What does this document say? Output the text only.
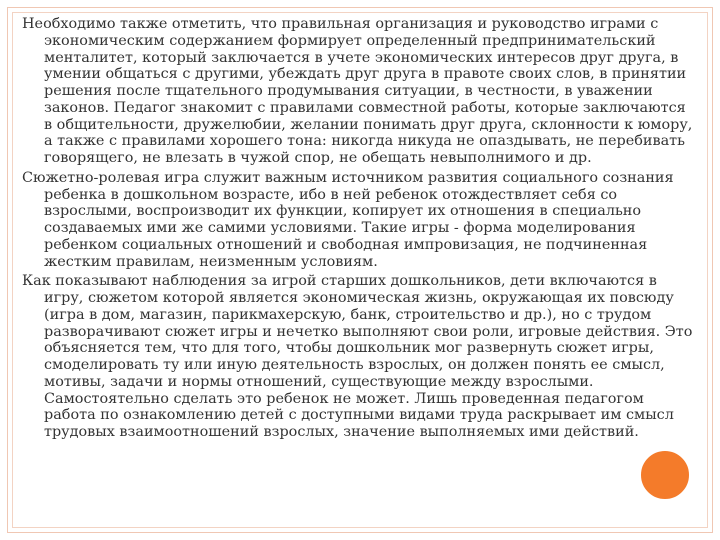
Необходимо также отметить, что правильная организация и руководство играми с экономическим содержанием формирует определенный предпринимательский менталитет, который заключается в учете экономических интересов друг друга, в умении общаться с другими, убеждать друг друга в правоте своих слов, в принятии решения после тщательного продумывания ситуации, в честности, в уважении законов. Педагог знакомит с правилами совместной работы, которые заключаются в общительности, дружелюбии, желании понимать друг друга, склонности к юмору, а также с правилами хорошего тона: никогда никуда не опаздывать, не перебивать говорящего, не влезать в чужой спор, не обещать невыполнимого и др.

Сюжетно-ролевая игра служит важным источником развития социального сознания ребенка в дошкольном возрасте, ибо в ней ребенок отождествляет себя со взрослыми, воспроизводит их функции, копирует их отношения в специально создаваемых ими же самими условиями. Такие игры - форма моделирования ребенком социальных отношений и свободная импровизация, не подчиненная жестким правилам, неизменным условиям.

Как показывают наблюдения за игрой старших дошкольников, дети включаются в игру, сюжетом которой является экономическая жизнь, окружающая их повсюду (игра в дом, магазин, парикмахерскую, банк, строительство и др.), но с трудом разворачивают сюжет игры и нечетко выполняют свои роли, игровые действия. Это объясняется тем, что для того, чтобы дошкольник мог развернуть сюжет игры, смоделировать ту или иную деятельность взрослых, он должен понять ее смысл, мотивы, задачи и нормы отношений, существующие между взрослыми. Самостоятельно сделать это ребенок не может. Лишь проведенная педагогом работа по ознакомлению детей с доступными видами труда раскрывает им смысл трудовых взаимоотношений взрослых, значение выполняемых ими действий.
